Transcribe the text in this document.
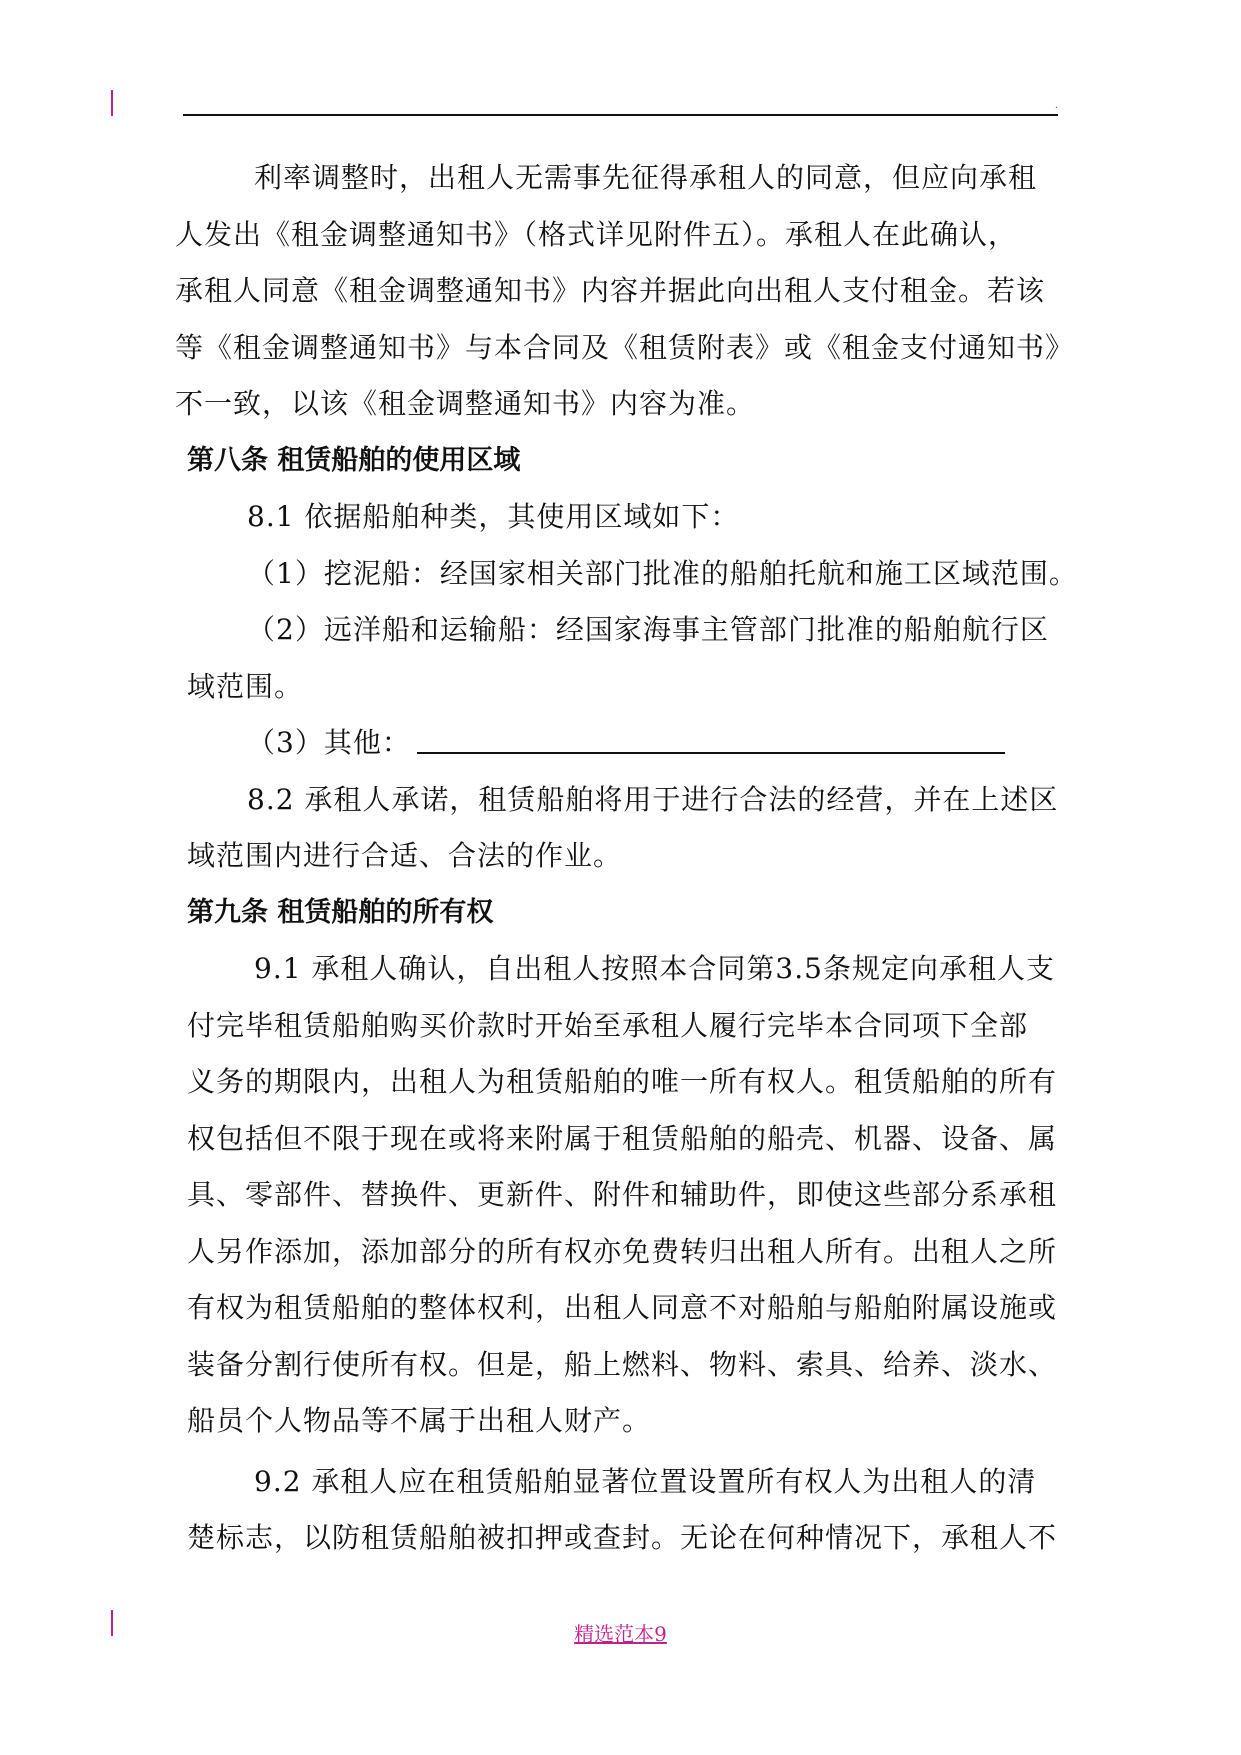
.

利率调整时，出租人无需事先征得承租人的同意，但应向承租

人发出《租金调整通知书》（格式详见附件五）。承租人在此确认，

承租人同意《租金调整通知书》内容并据此向出租人支付租金。若该

等《租金调整通知书》与本合同及《租赁附表》或《租金支付通知书》

不一致，以该《租金调整通知书》内容为准。

第八条 租赁船舶的使用区域

8.1 依据船舶种类，其使用区域如下：

（1）挖泥船：经国家相关部门批准的船舶托航和施工区域范围。

（2）远洋船和运输船：经国家海事主管部门批准的船舶航行区

域范围。

（3）其他：

8.2 承租人承诺，租赁船舶将用于进行合法的经营，并在上述区

域范围内进行合适、合法的作业。

第九条 租赁船舶的所有权

9.1 承租人确认，自出租人按照本合同第3.5条规定向承租人支

付完毕租赁船舶购买价款时开始至承租人履行完毕本合同项下全部

义务的期限内，出租人为租赁船舶的唯一所有权人。租赁船舶的所有

权包括但不限于现在或将来附属于租赁船舶的船壳、机器、设备、属

具、零部件、替换件、更新件、附件和辅助件，即使这些部分系承租

人另作添加，添加部分的所有权亦免费转归出租人所有。出租人之所

有权为租赁船舶的整体权利，出租人同意不对船舶与船舶附属设施或

装备分割行使所有权。但是，船上燃料、物料、索具、给养、淡水、

船员个人物品等不属于出租人财产。

9.2 承租人应在租赁船舶显著位置设置所有权人为出租人的清

楚标志，以防租赁船舶被扣押或查封。无论在何种情况下，承租人不

精选范本9
